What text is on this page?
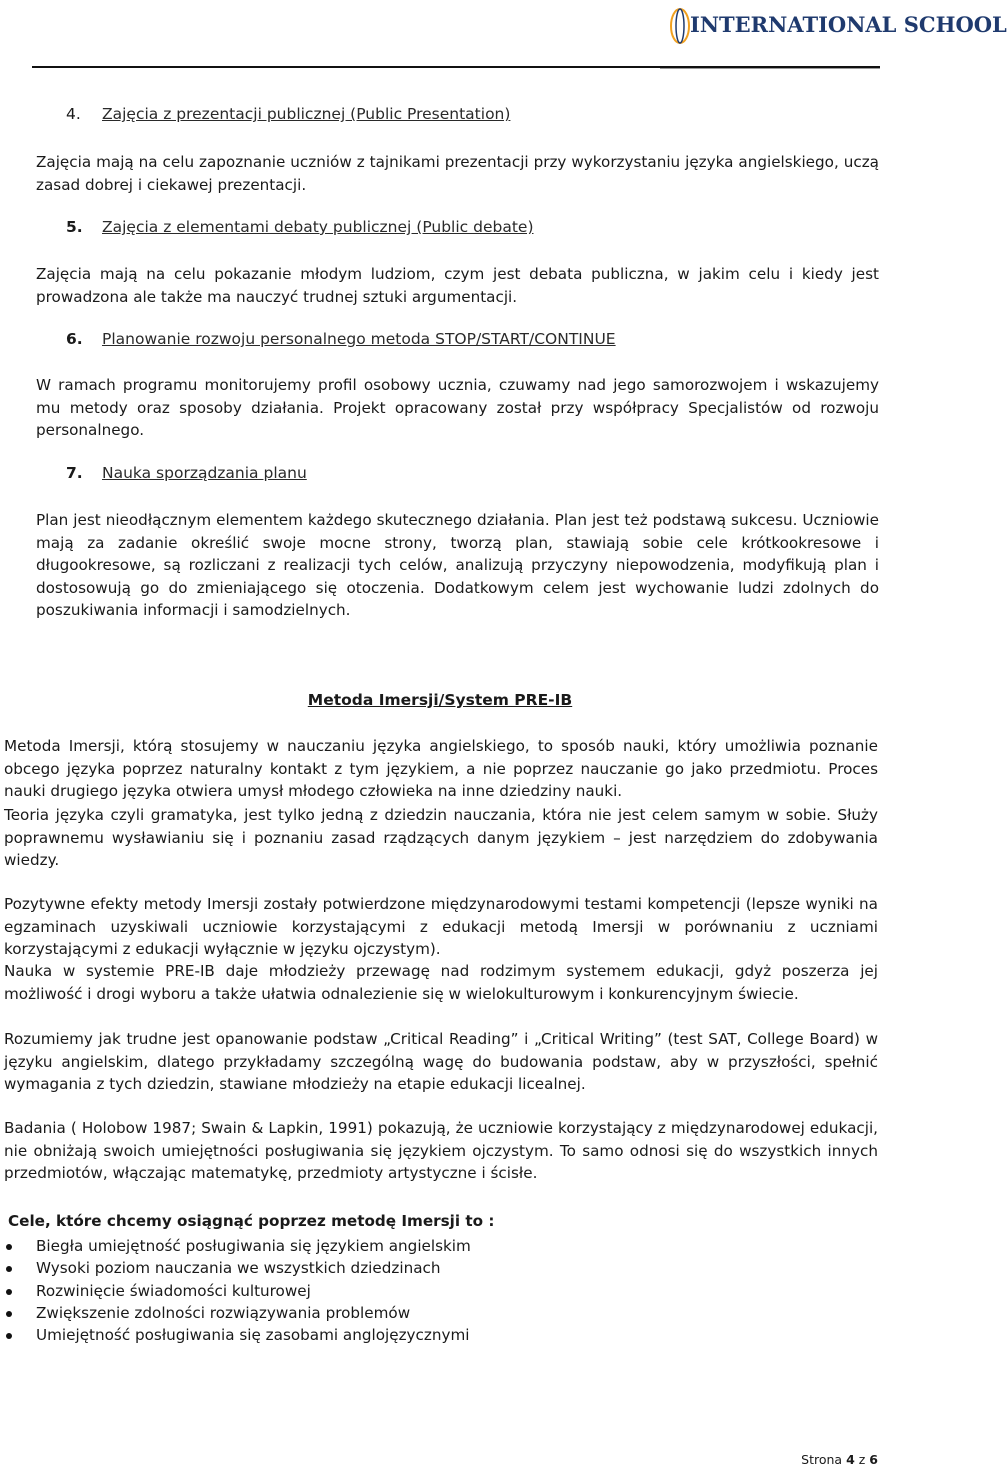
INTERNATIONAL SCHOOL
4. Zajęcia z prezentacji publicznej (Public Presentation)
Zajęcia mają na celu zapoznanie uczniów z tajnikami prezentacji przy wykorzystaniu języka angielskiego, uczą zasad dobrej i ciekawej prezentacji.
5. Zajęcia z elementami debaty publicznej (Public debate)
Zajęcia mają na celu pokazanie młodym ludziom, czym jest debata publiczna, w jakim celu i kiedy jest prowadzona ale także ma nauczyć trudnej sztuki argumentacji.
6. Planowanie rozwoju personalnego metoda STOP/START/CONTINUE
W ramach programu monitorujemy profil osobowy ucznia, czuwamy nad jego samorozwojem i wskazujemy mu metody oraz sposoby działania. Projekt opracowany został przy współpracy Specjalistów od rozwoju personalnego.
7. Nauka sporządzania planu
Plan jest nieodłącznym elementem każdego skutecznego działania. Plan jest też podstawą sukcesu. Uczniowie mają za zadanie określić swoje mocne strony, tworzą plan, stawiają sobie cele krótkookresowe i długookresowe, są rozliczani z realizacji tych celów, analizują przyczyny niepowodzenia, modyfikują plan i dostosowują go do zmieniającego się otoczenia. Dodatkowym celem jest wychowanie ludzi zdolnych do poszukiwania informacji i samodzielnych.
Metoda Imersji/System PRE-IB
Metoda Imersji, którą stosujemy w nauczaniu języka angielskiego, to sposób nauki, który umożliwia poznanie obcego języka poprzez naturalny kontakt z tym językiem, a nie poprzez nauczanie go jako przedmiotu. Proces nauki drugiego języka otwiera umysł młodego człowieka na inne dziedziny nauki.
Teoria języka czyli gramatyka, jest tylko jedną z dziedzin nauczania, która nie jest celem samym w sobie. Służy poprawnemu wysławianiu się i poznaniu zasad rządzących danym językiem – jest narzędziem do zdobywania wiedzy.
Pozytywne efekty metody Imersji zostały potwierdzone międzynarodowymi testami kompetencji (lepsze wyniki na egzaminach uzyskiwali uczniowie korzystającymi z edukacji metodą Imersji w porównaniu z uczniami korzystającymi z edukacji wyłącznie w języku ojczystym).
Nauka w systemie PRE-IB daje młodzieży przewagę nad rodzimym systemem edukacji, gdyż poszerza jej możliwość i drogi wyboru a także ułatwia odnalezienie się w wielokulturowym i konkurencyjnym świecie.
Rozumiemy jak trudne jest opanowanie podstaw „Critical Reading” i „Critical Writing” (test SAT, College Board) w języku angielskim, dlatego przykładamy szczególną wagę do budowania podstaw, aby w przyszłości, spełnić wymagania z tych dziedzin, stawiane młodzieży na etapie edukacji licealnej.
Badania ( Holobow 1987; Swain & Lapkin, 1991) pokazują, że uczniowie korzystający z międzynarodowej edukacji, nie obniżają swoich umiejętności posługiwania się językiem ojczystym. To samo odnosi się do wszystkich innych przedmiotów, włączając matematykę, przedmioty artystyczne i ścisłe.
Cele, które chcemy osiągnąć poprzez metodę Imersji to :
Biegła umiejętność posługiwania się językiem angielskim
Wysoki poziom nauczania we wszystkich dziedzinach
Rozwinięcie świadomości kulturowej
Zwiększenie zdolności rozwiązywania problemów
Umiejętność posługiwania się zasobami anglojęzycznymi
Strona 4 z 6
